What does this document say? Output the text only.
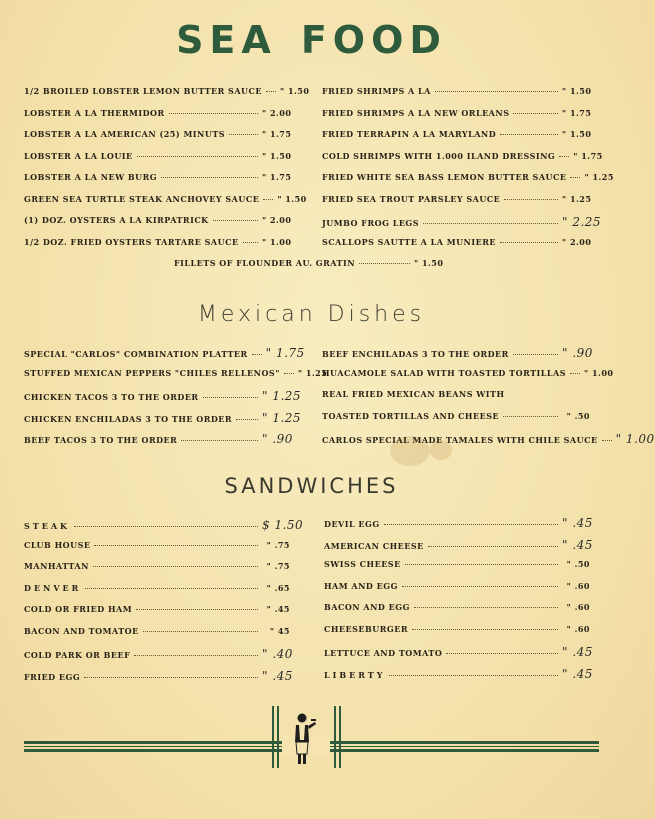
SEA FOOD
1/2 BROILED LOBSTER LEMON BUTTER SAUCE " 1.50
LOBSTER A LA THERMIDOR	" 2.00
LOBSTER A LA AMERICAN (25) MINUTS	" 1.75
LOBSTER A LA LOUIE	" 1.50
LOBSTER A LA NEW BURG	" 1.75
GREEN SEA TURTLE STEAK ANCHOVEY SAUCE " 1.50
(1) DOZ. OYSTERS A LA KIRPATRICK	" 2.00
1/2 DOZ. FRIED OYSTERS TARTARE SAUCE	" 1.00
FRIED SHRIMPS A LA	" 1.50
FRIED SHRIMPS A LA NEW ORLEANS	" 1.75
FRIED TERRAPIN A LA MARYLAND	" 1.50
COLD SHRIMPS WITH 1.000 ILAND DRESSING " 1.75
FRIED WHITE SEA BASS LEMON BUTTER SAUCE " 1.25
FRIED SEA TROUT PARSLEY SAUCE	" 1.25
JUMBO FROG LEGS	" 2.25
SCALLOPS SAUTTE A LA MUNIERE	" 2.00
FILLETS OF FLOUNDER AU. GRATIN	" 1.50
Mexican Dishes
SPECIAL "CARLOS" COMBINATION PLATTER " 1.75
STUFFED MEXICAN PEPPERS "CHILES RELLENOS" " 1.25
CHICKEN TACOS 3 TO THE ORDER	" 1.25
CHICKEN ENCHILADAS 3 TO THE ORDER " 1.25
BEEF TACOS 3 TO THE ORDER	" .90
BEEF ENCHILADAS 3 TO THE ORDER	" .90
HUACAMOLE SALAD WITH TOASTED TORTILLAS " 1.00
REAL FRIED MEXICAN BEANS WITH
TOASTED TORTILLAS AND CHEESE	" .50
CARLOS SPECIAL MADE TAMALES WITH CHILE SAUCE " 1.00
SANDWICHES
STEAK	$ 1.50
CLUB HOUSE	" .75
MANHATTAN	" .75
DENVER	" .65
COLD OR FRIED HAM	" .45
BACON AND TOMATOE	" 45
COLD PARK OR BEEF	" .40
FRIED EGG	" .45
DEVIL EGG	" .45
AMERICAN CHEESE	" .45
SWISS CHEESE	" .50
HAM AND EGG	" .60
BACON AND EGG	" .60
CHEESEBURGER	" .60
LETTUCE AND TOMATO	" .45
LIBERTY	" .45
